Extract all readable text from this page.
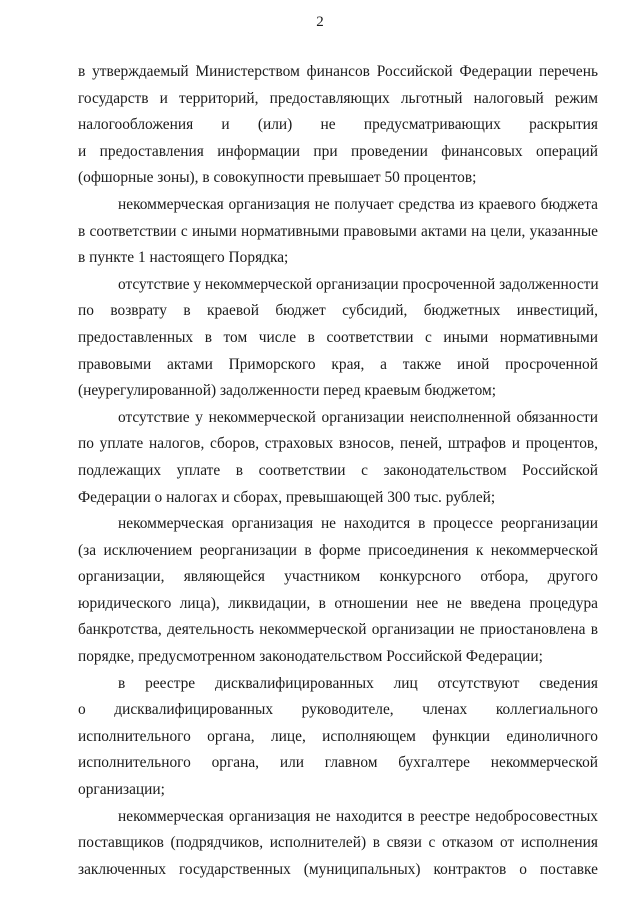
2
в утверждаемый Министерством финансов Российской Федерации перечень
государств и территорий, предоставляющих льготный налоговый режим
налогообложения и (или) не предусматривающих раскрытия
и предоставления информации при проведении финансовых операций
(офшорные зоны), в совокупности превышает 50 процентов;
некоммерческая организация не получает средства из краевого бюджета
в соответствии с иными нормативными правовыми актами на цели, указанные
в пункте 1 настоящего Порядка;
отсутствие у некоммерческой организации просроченной задолженности
по возврату в краевой бюджет субсидий, бюджетных инвестиций,
предоставленных в том числе в соответствии с иными нормативными
правовыми актами Приморского края, а также иной просроченной
(неурегулированной) задолженности перед краевым бюджетом;
отсутствие у некоммерческой организации неисполненной обязанности
по уплате налогов, сборов, страховых взносов, пеней, штрафов и процентов,
подлежащих уплате в соответствии с законодательством Российской
Федерации о налогах и сборах, превышающей 300 тыс. рублей;
некоммерческая организация не находится в процессе реорганизации
(за исключением реорганизации в форме присоединения к некоммерческой
организации, являющейся участником конкурсного отбора, другого
юридического лица), ликвидации, в отношении нее не введена процедура
банкротства, деятельность некоммерческой организации не приостановлена в
порядке, предусмотренном законодательством Российской Федерации;
в реестре дисквалифицированных лиц отсутствуют сведения
о дисквалифицированных руководителе, членах коллегиального
исполнительного органа, лице, исполняющем функции единоличного
исполнительного органа, или главном бухгалтере некоммерческой
организации;
некоммерческая организация не находится в реестре недобросовестных
поставщиков (подрядчиков, исполнителей) в связи с отказом от исполнения
заключенных государственных (муниципальных) контрактов о поставке
